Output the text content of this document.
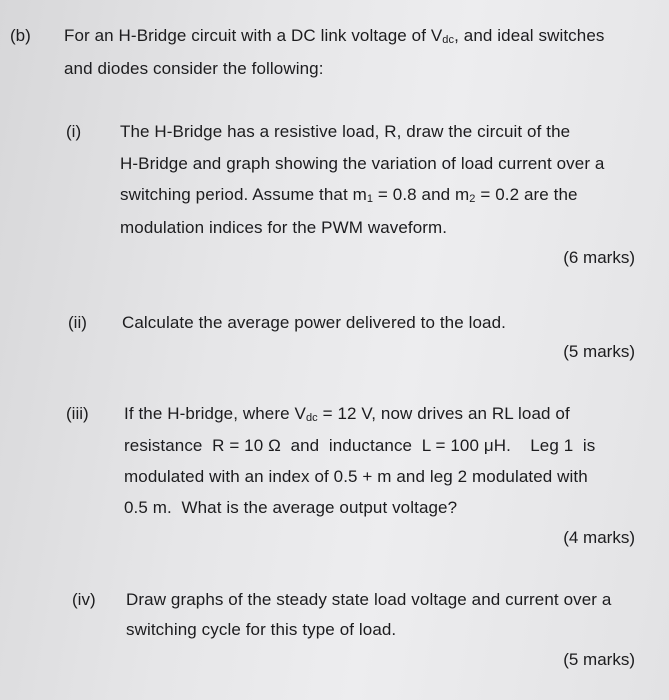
(b) For an H-Bridge circuit with a DC link voltage of $V_{dc}$, and ideal switches
and diodes consider the following:
(i) The H-Bridge has a resistive load, R, draw the circuit of the
H-Bridge and graph showing the variation of load current over a
switching period. Assume that $m_1 = 0.8$ and $m_2 = 0.2$ are the
modulation indices for the PWM waveform.
(6 marks)
(ii) Calculate the average power delivered to the load.
(5 marks)
(iii) If the H-bridge, where $V_{dc} = 12$ V, now drives an RL load of
resistance  R = 10 Ω  and  inductance  L = 100 μH.    Leg 1  is
modulated with an index of 0.5 + m and leg 2 modulated with
0.5 m.  What is the average output voltage?
(4 marks)
(iv) Draw graphs of the steady state load voltage and current over a
switching cycle for this type of load.
(5 marks)
